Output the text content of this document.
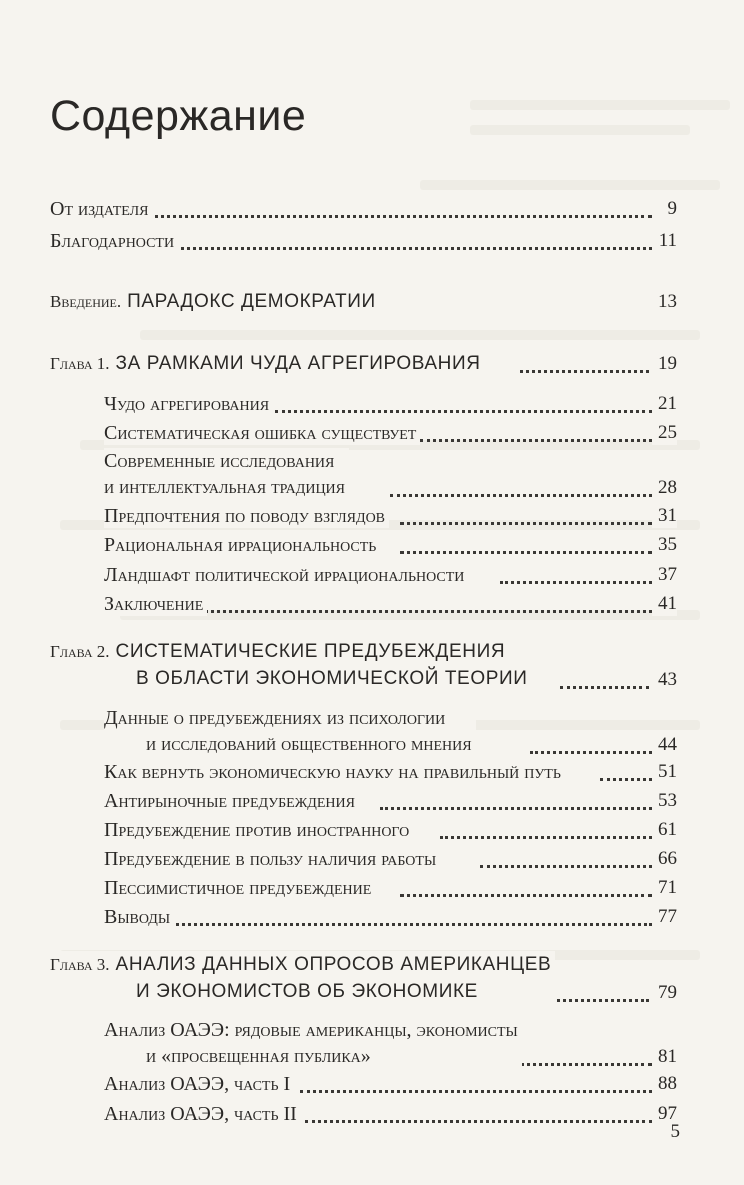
Содержание
От издателя	9
Благодарности	11
Введение. ПАРАДОКС ДЕМОКРАТИИ	13
Глава 1. ЗА РАМКАМИ ЧУДА АГРЕГИРОВАНИЯ	19
Чудо агрегирования	21
Систематическая ошибка существует	25
Современные исследования
и интеллектуальная традиция	28
Предпочтения по поводу взглядов	31
Рациональная иррациональность	35
Ландшафт политической иррациональности	37
Заключение	41
Глава 2. СИСТЕМАТИЧЕСКИЕ ПРЕДУБЕЖДЕНИЯ
В ОБЛАСТИ ЭКОНОМИЧЕСКОЙ ТЕОРИИ	43
Данные о предубеждениях из психологии
и исследований общественного мнения	44
Как вернуть экономическую науку на правильный путь	51
Антирыночные предубеждения	53
Предубеждение против иностранного	61
Предубеждение в пользу наличия работы	66
Пессимистичное предубеждение	71
Выводы	77
Глава 3. АНАЛИЗ ДАННЫХ ОПРОСОВ АМЕРИКАНЦЕВ
И ЭКОНОМИСТОВ ОБ ЭКОНОМИКЕ	79
Анализ ОАЭЭ: рядовые американцы, экономисты
и «просвещенная публика»	81
Анализ ОАЭЭ, часть I	88
Анализ ОАЭЭ, часть II	97
5
